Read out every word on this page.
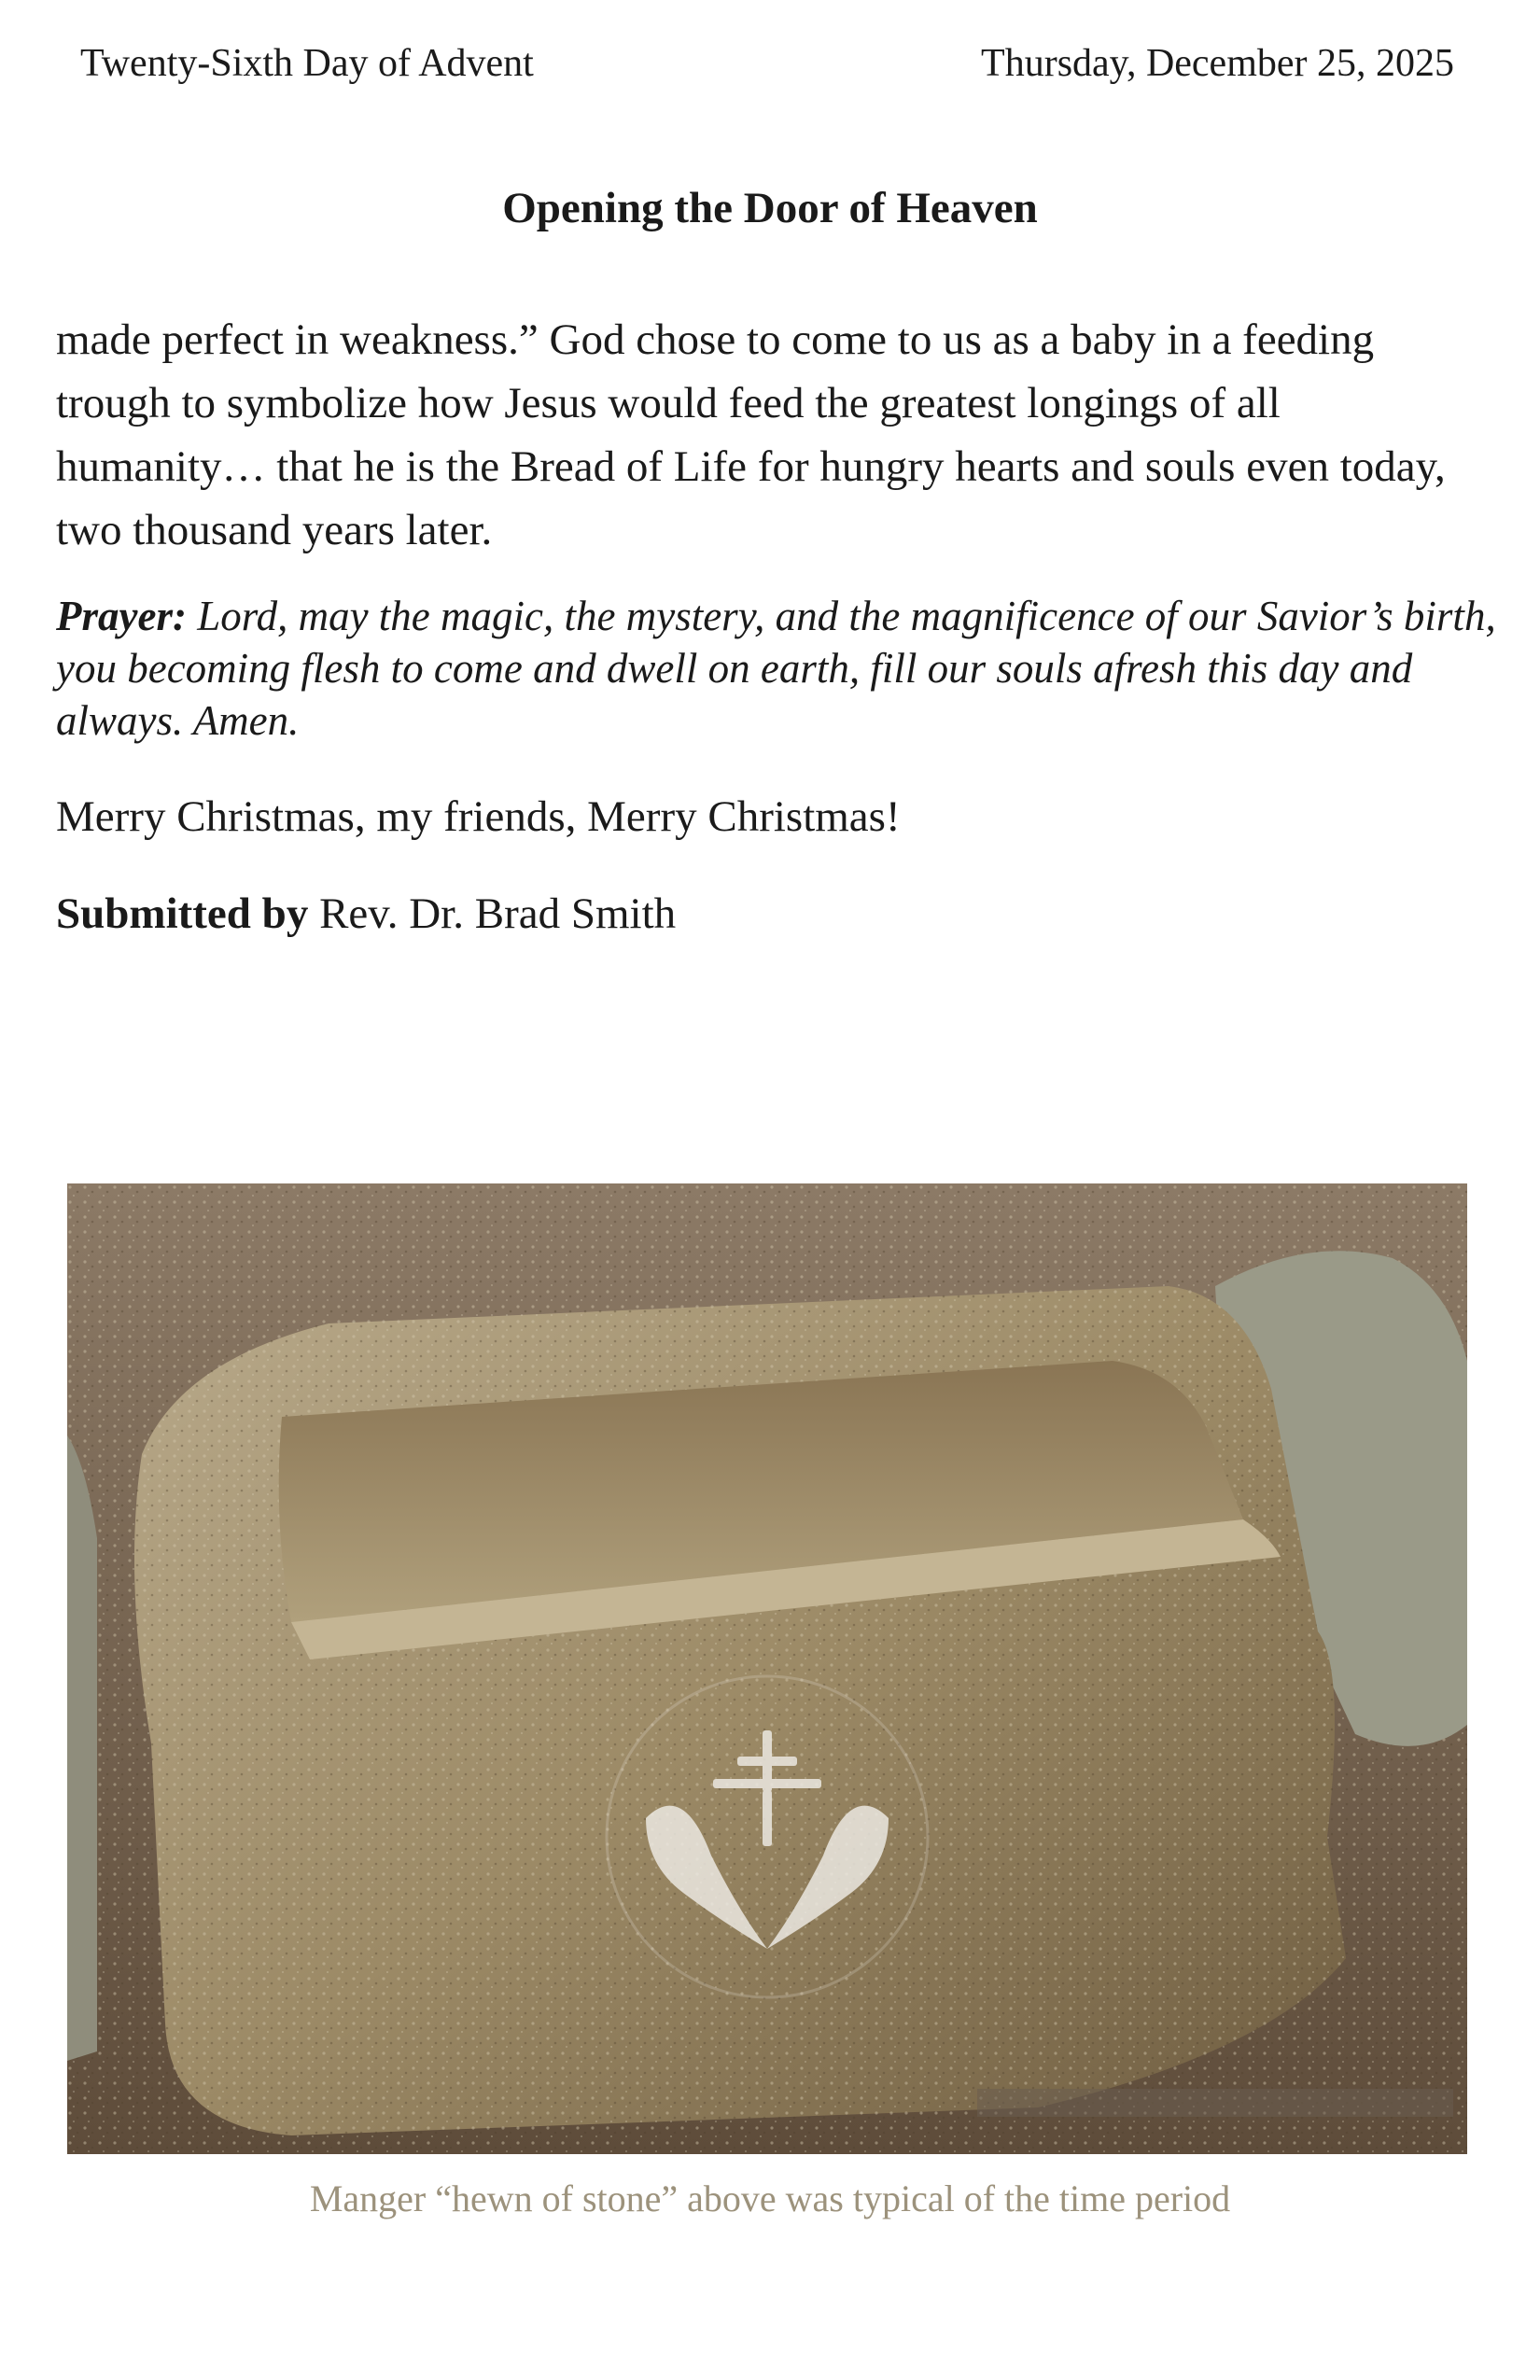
Twenty-Sixth Day of Advent	Thursday, December 25, 2025
Opening the Door of Heaven

made perfect in weakness.” God chose to come to us as a baby in a feeding trough to symbolize how Jesus would feed the greatest longings of all humanity… that he is the Bread of Life for hungry hearts and souls even today, two thousand years later.

Prayer: Lord, may the magic, the mystery, and the magnificence of our Savior’s birth, you becoming flesh to come and dwell on earth, fill our souls afresh this day and always. Amen.

Merry Christmas, my friends, Merry Christmas!

Submitted by Rev. Dr. Brad Smith

Manger “hewn of stone” above was typical of the time period
